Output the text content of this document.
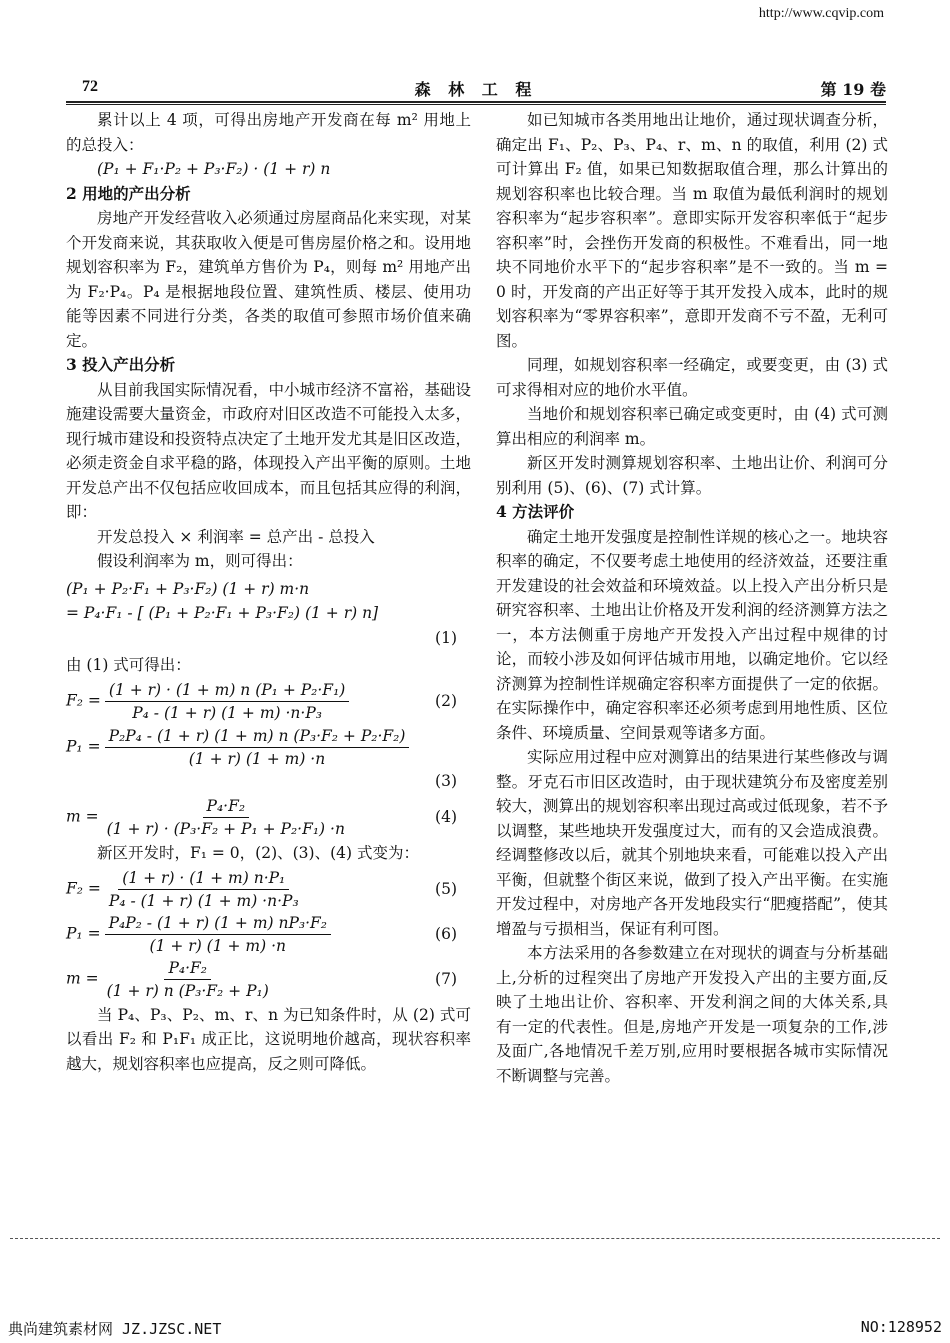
http://www.cqvip.com
72	森 林 工 程	第 19 卷

累计以上 4 项，可得出房地产开发商在每 m² 用地上的总投入：

(P₁ + F₁·P₂ + P₃·F₂) · (1 + r) n

2 用地的产出分析

房地产开发经营收入必须通过房屋商品化来实现，对某个开发商来说，其获取收入便是可售房屋价格之和。设用地规划容积率为 F₂，建筑单方售价为 P₄，则每 m² 用地产出为 F₂·P₄。P₄ 是根据地段位置、建筑性质、楼层、使用功能等因素不同进行分类，各类的取值可参照市场价值来确定。

3 投入产出分析

从目前我国实际情况看，中小城市经济不富裕，基础设施建设需要大量资金，市政府对旧区改造不可能投入太多，现行城市建设和投资特点决定了土地开发尤其是旧区改造，必须走资金自求平稳的路，体现投入产出平衡的原则。土地开发总产出不仅包括应收回成本，而且包括其应得的利润，即：

开发总投入 × 利润率 = 总产出 - 总投入

假设利润率为 m，则可得出：

(P₁ + P₂·F₁ + P₃·F₂) (1 + r) m·n
= P₄·F₁ - [ (P₁ + P₂·F₁ + P₃·F₂) (1 + r) n]
(1)

由 (1) 式可得出：

$F_2 = \frac{\text{(1 + r) · (1 + m) n (P₁ + P₂·F₁)}}{\text{P₄ - (1 + r) (1 + m) ·n·P₃}}$	(2)
$P_1 = \frac{\text{P₂P₄ - (1 + r) (1 + m) n (P₃·F₂ + P₂·F₂)}}{(1 + r) (1 + m) \cdot n}$
(3)
$m = \frac{\text{P₄·F₂}}{\text{(1 + r) · (P₃·F₂ + P₁ + P₂·F₁) ·n}}$	(4)

新区开发时，F₁ = 0，(2)、(3)、(4) 式变为：

$F_2 = \frac{\text{(1 + r) · (1 + m) n·P₁}}{\text{P₄ - (1 + r) (1 + m) ·n·P₃}}$	(5)
$P_1 = \frac{\text{P₄P₂ - (1 + r) (1 + m) nP₃·F₂}}{(1 + r) (1 + m) \cdot n}$	(6)
$m = \frac{\text{P₄·F₂}}{\text{(1 + r) n (P₃·F₂ + P₁)}}$	(7)

当 P₄、P₃、P₂、m、r、n 为已知条件时，从 (2) 式可以看出 F₂ 和 P₁F₁ 成正比，这说明地价越高，现状容积率越大，规划容积率也应提高，反之则可降低。

如已知城市各类用地出让地价，通过现状调查分析，确定出 F₁、P₂、P₃、P₄、r、m、n 的取值，利用 (2) 式可计算出 F₂ 值，如果已知数据取值合理，那么计算出的规划容积率也比较合理。当 m 取值为最低利润时的规划容积率为“起步容积率”。意即实际开发容积率低于“起步容积率”时，会挫伤开发商的积极性。不难看出，同一地块不同地价水平下的“起步容积率”是不一致的。当 m = 0 时，开发商的产出正好等于其开发投入成本，此时的规划容积率为“零界容积率”，意即开发商不亏不盈，无利可图。

同理，如规划容积率一经确定，或要变更，由 (3) 式可求得相对应的地价水平值。

当地价和规划容积率已确定或变更时，由 (4) 式可测算出相应的利润率 m。

新区开发时测算规划容积率、土地出让价、利润可分别利用 (5)、(6)、(7) 式计算。

4 方法评价

确定土地开发强度是控制性详规的核心之一。地块容积率的确定，不仅要考虑土地使用的经济效益，还要注重开发建设的社会效益和环境效益。以上投入产出分析只是研究容积率、土地出让价格及开发利润的经济测算方法之一，本方法侧重于房地产开发投入产出过程中规律的讨论，而较小涉及如何评估城市用地，以确定地价。它以经济测算为控制性详规确定容积率方面提供了一定的依据。在实际操作中，确定容积率还必须考虑到用地性质、区位条件、环境质量、空间景观等诸多方面。

实际应用过程中应对测算出的结果进行某些修改与调整。牙克石市旧区改造时，由于现状建筑分布及密度差别较大，测算出的规划容积率出现过高或过低现象，若不予以调整，某些地块开发强度过大，而有的又会造成浪费。经调整修改以后，就其个别地块来看，可能难以投入产出平衡，但就整个街区来说，做到了投入产出平衡。在实施开发过程中，对房地产各开发地段实行“肥瘦搭配”，使其增盈与亏损相当，保证有利可图。

本方法采用的各参数建立在对现状的调查与分析基础上,分析的过程突出了房地产开发投入产出的主要方面,反映了土地出让价、容积率、开发利润之间的大体关系,具有一定的代表性。但是,房地产开发是一项复杂的工作,涉及面广,各地情况千差万别,应用时要根据各城市实际情况不断调整与完善。

典尚建筑素材网 JZ.JZSC.NET	NO:128952
